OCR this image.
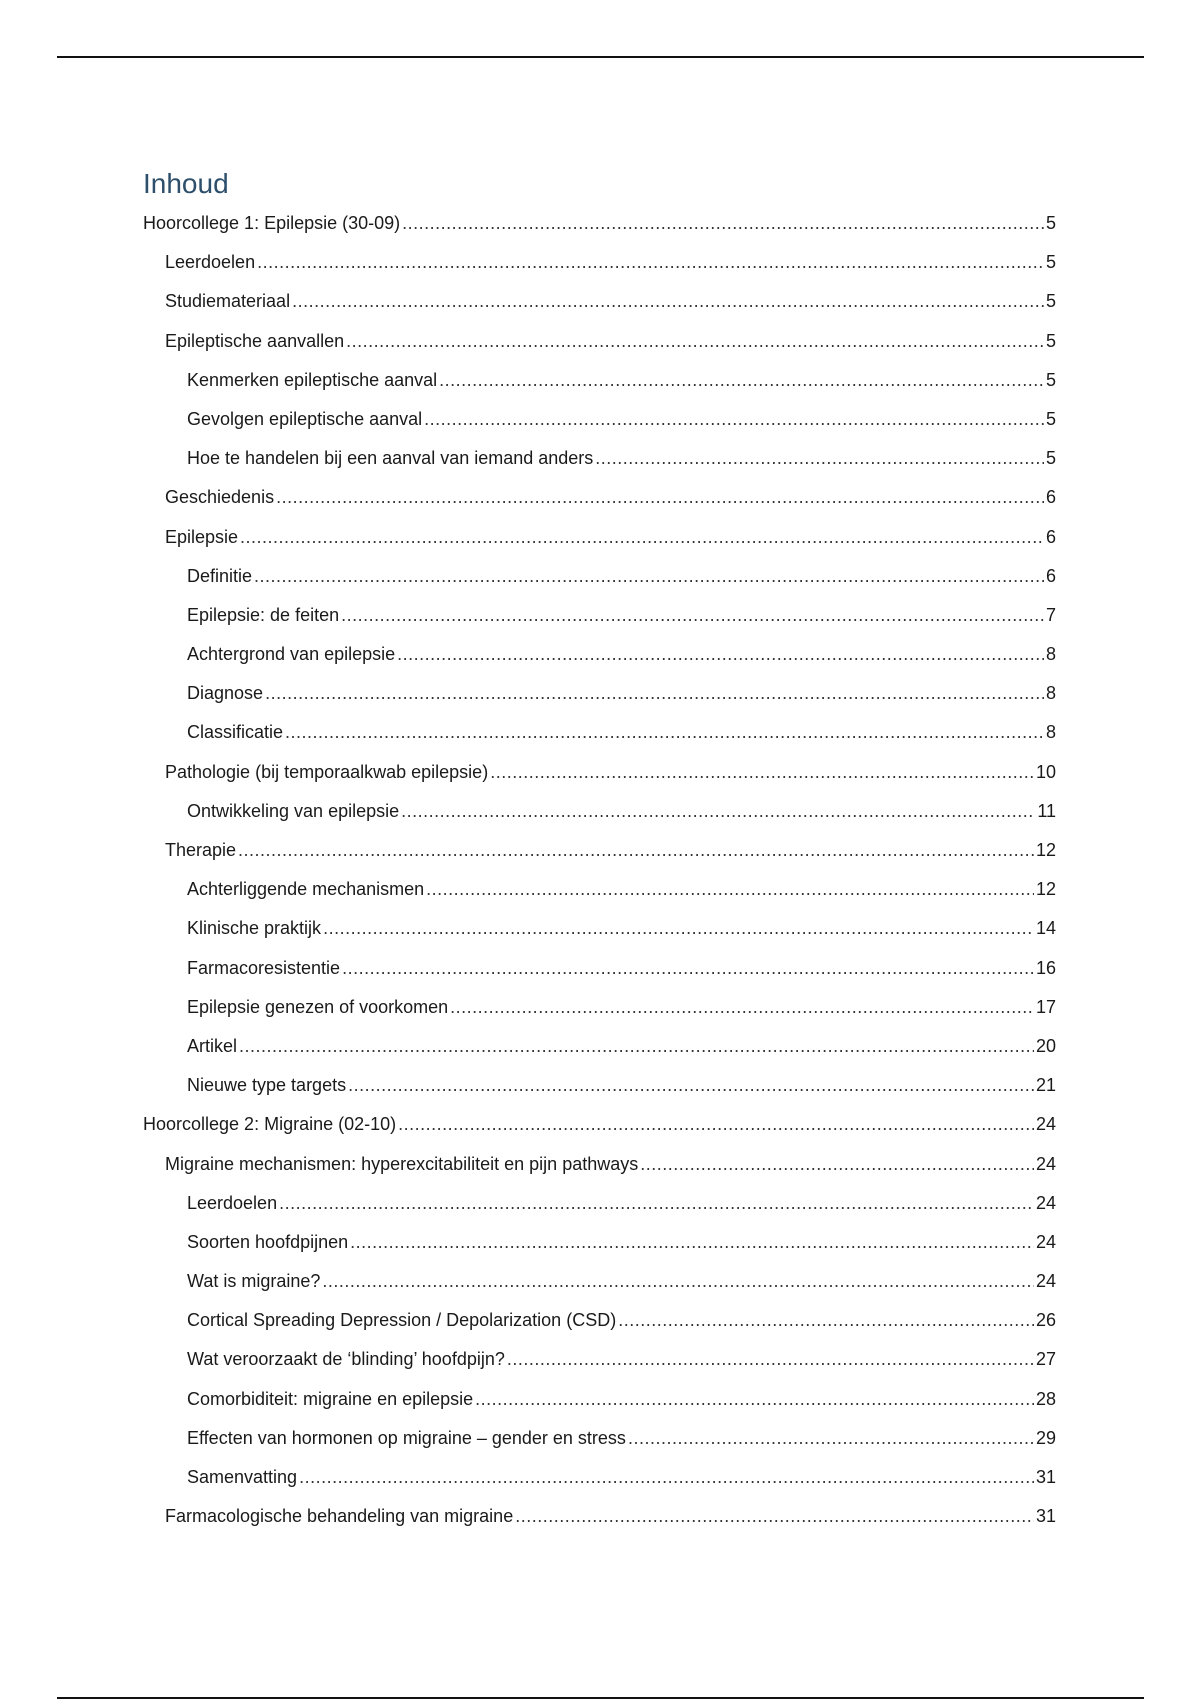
Inhoud
Hoorcollege 1: Epilepsie (30-09) .....	5
Leerdoelen .....	5
Studiemateriaal .....	5
Epileptische aanvallen .....	5
Kenmerken epileptische aanval .....	5
Gevolgen epileptische aanval .....	5
Hoe te handelen bij een aanval van iemand anders .....	5
Geschiedenis .....	6
Epilepsie .....	6
Definitie .....	6
Epilepsie: de feiten .....	7
Achtergrond van epilepsie .....	8
Diagnose .....	8
Classificatie .....	8
Pathologie (bij temporaalkwab epilepsie) .....	10
Ontwikkeling van epilepsie .....	11
Therapie .....	12
Achterliggende mechanismen .....	12
Klinische praktijk .....	14
Farmacoresistentie .....	16
Epilepsie genezen of voorkomen .....	17
Artikel .....	20
Nieuwe type targets .....	21
Hoorcollege 2: Migraine (02-10) .....	24
Migraine mechanismen: hyperexcitabiliteit en pijn pathways .....	24
Leerdoelen .....	24
Soorten hoofdpijnen .....	24
Wat is migraine? .....	24
Cortical Spreading Depression / Depolarization (CSD) .....	26
Wat veroorzaakt de ‘blinding’ hoofdpijn? .....	27
Comorbiditeit: migraine en epilepsie .....	28
Effecten van hormonen op migraine – gender en stress .....	29
Samenvatting .....	31
Farmacologische behandeling van migraine .....	31
